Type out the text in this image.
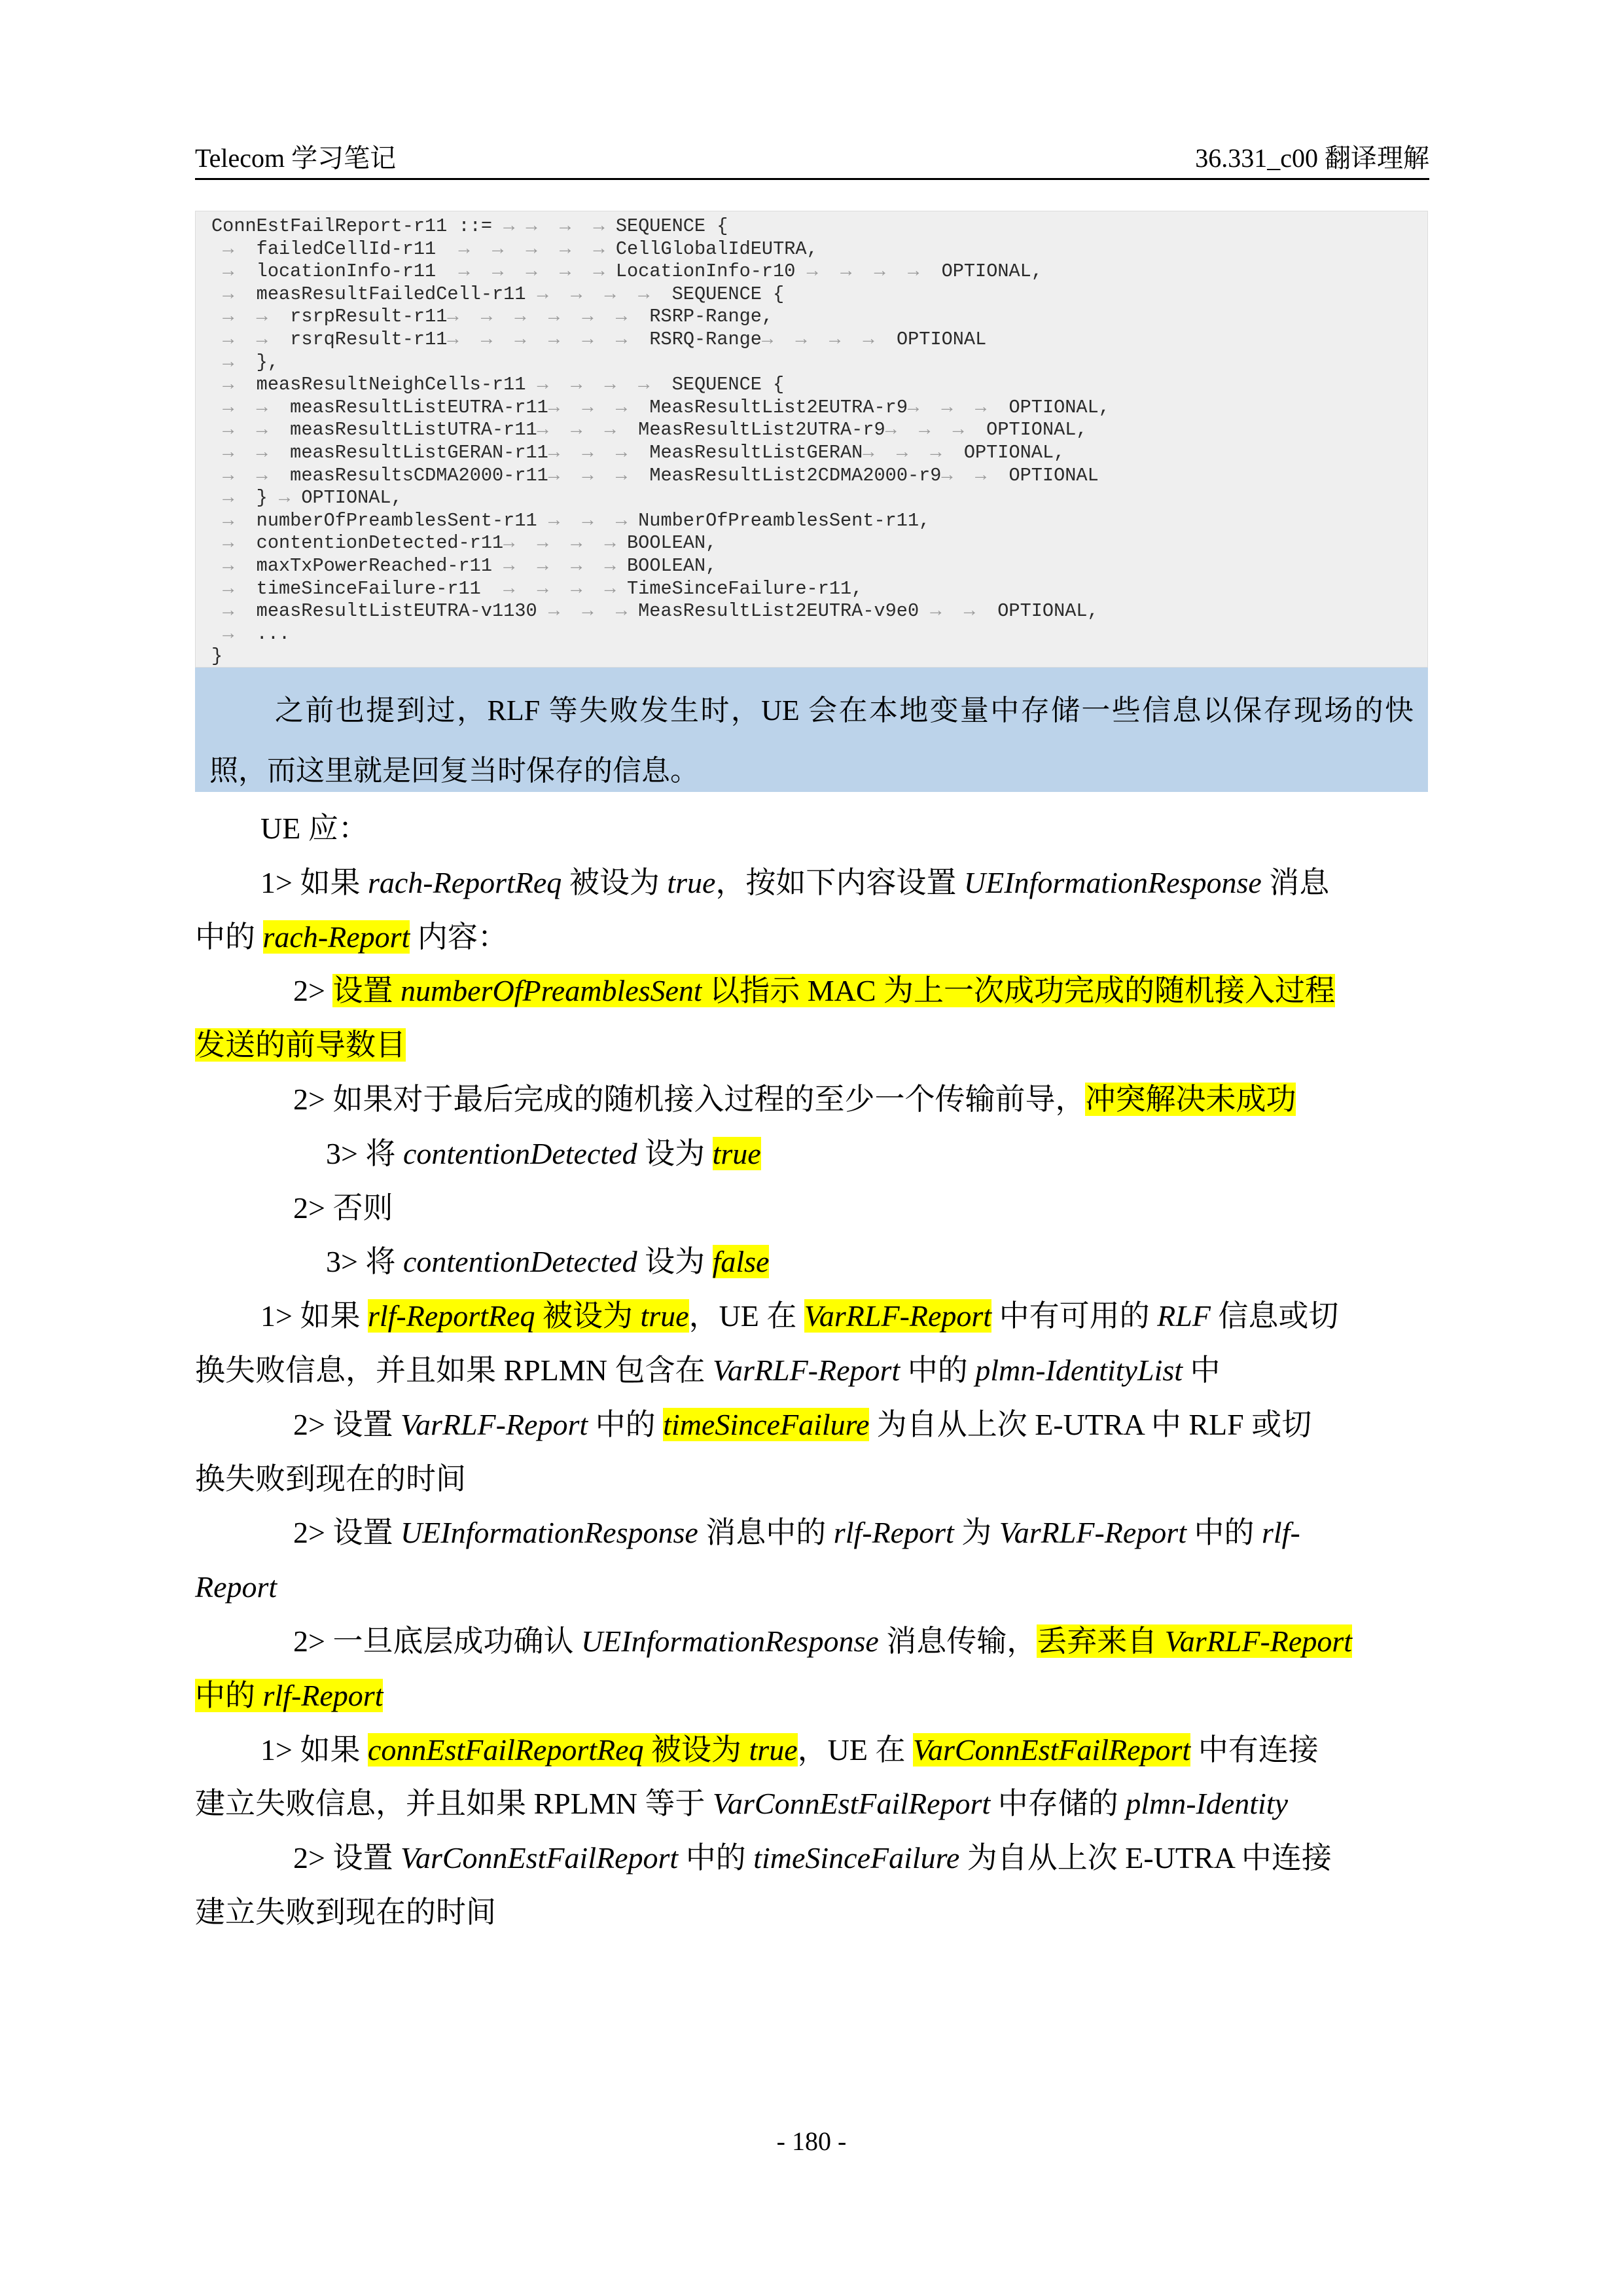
Telecom 学习笔记	36.331_c00 翻译理解
ConnEstFailReport-r11 ::= → → → → SEQUENCE {
→  failedCellId-r11  → → → → → CellGlobalIdEUTRA,
→  locationInfo-r11  → → → → → LocationInfo-r10 → → → →  OPTIONAL,
→  measResultFailedCell-r11 → → → →  SEQUENCE {
→ →  rsrpResult-r11→ → → → → →  RSRP-Range,
→ →  rsrqResult-r11→ → → → → →  RSRQ-Range→ → → →  OPTIONAL
→  },
→  measResultNeighCells-r11 → → → →  SEQUENCE {
→ →  measResultListEUTRA-r11→ → →  MeasResultList2EUTRA-r9→ → →  OPTIONAL,
→ →  measResultListUTRA-r11→ → →  MeasResultList2UTRA-r9→ → →  OPTIONAL,
→ →  measResultListGERAN-r11→ → →  MeasResultListGERAN→ → →  OPTIONAL,
→ →  measResultsCDMA2000-r11→ → →  MeasResultList2CDMA2000-r9→ →  OPTIONAL
→  } → OPTIONAL,
→  numberOfPreamblesSent-r11 → → → NumberOfPreamblesSent-r11,
→  contentionDetected-r11→ → → → BOOLEAN,
→  maxTxPowerReached-r11 → → → → BOOLEAN,
→  timeSinceFailure-r11  → → → → TimeSinceFailure-r11,
→  measResultListEUTRA-v1130 → → → MeasResultList2EUTRA-v9e0 → →  OPTIONAL,
→  ...
}
之前也提到过，RLF 等失败发生时，UE 会在本地变量中存储一些信息以保存现场的快照，而这里就是回复当时保存的信息。
UE 应：
1> 如果 rach-ReportReq 被设为 true，按如下内容设置 UEInformationResponse 消息
中的 rach-Report 内容：
2> 设置 numberOfPreamblesSent 以指示 MAC 为上一次成功完成的随机接入过程
发送的前导数目
2> 如果对于最后完成的随机接入过程的至少一个传输前导，冲突解决未成功
3> 将 contentionDetected 设为 true
2> 否则
3> 将 contentionDetected 设为 false
1> 如果 rlf-ReportReq 被设为 true，UE 在 VarRLF-Report 中有可用的 RLF 信息或切
换失败信息，并且如果 RPLMN 包含在 VarRLF-Report 中的 plmn-IdentityList 中
2> 设置 VarRLF-Report 中的 timeSinceFailure 为自从上次 E-UTRA 中 RLF 或切
换失败到现在的时间
2> 设置 UEInformationResponse 消息中的 rlf-Report 为 VarRLF-Report 中的 rlf-
Report
2> 一旦底层成功确认 UEInformationResponse 消息传输，丢弃来自 VarRLF-Report
中的 rlf-Report
1> 如果 connEstFailReportReq 被设为 true，UE 在 VarConnEstFailReport 中有连接
建立失败信息，并且如果 RPLMN 等于 VarConnEstFailReport 中存储的 plmn-Identity
2> 设置 VarConnEstFailReport 中的 timeSinceFailure 为自从上次 E-UTRA 中连接
建立失败到现在的时间
- 180 -
